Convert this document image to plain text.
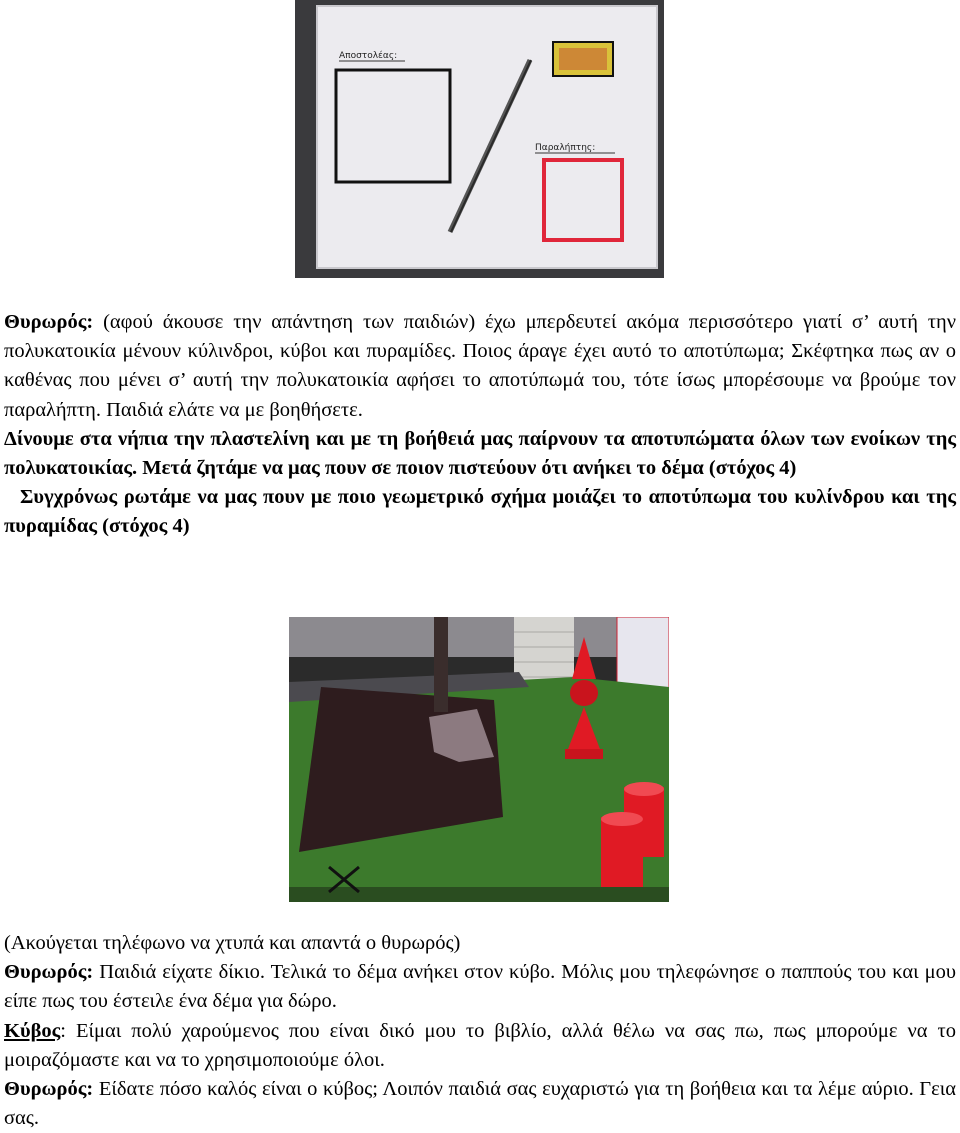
Αποστολέας:
Παραλήπτης:

Θυρωρός: (αφού άκουσε την απάντηση των παιδιών) έχω μπερδευτεί ακόμα περισσότερο γιατί σ’ αυτή την πολυκατοικία μένουν κύλινδροι, κύβοι και πυραμίδες. Ποιος άραγε έχει αυτό το αποτύπωμα; Σκέφτηκα πως αν ο καθένας που μένει σ’ αυτή την πολυκατοικία αφήσει το αποτύπωμά του, τότε ίσως μπορέσουμε να βρούμε τον παραλήπτη. Παιδιά ελάτε να με βοηθήσετε.

Δίνουμε στα νήπια την πλαστελίνη και με τη βοήθειά μας παίρνουν τα αποτυπώματα όλων των ενοίκων της πολυκατοικίας. Μετά ζητάμε να μας πουν σε ποιον πιστεύουν ότι ανήκει το δέμα (στόχος 4)

Συγχρόνως ρωτάμε να μας πουν με ποιο γεωμετρικό σχήμα μοιάζει το αποτύπωμα του κυλίνδρου και της πυραμίδας (στόχος 4)

(Ακούγεται τηλέφωνο να χτυπά και απαντά ο θυρωρός)

Θυρωρός: Παιδιά είχατε δίκιο. Τελικά το δέμα ανήκει στον κύβο. Μόλις μου τηλεφώνησε ο παππούς του και μου είπε πως του έστειλε ένα δέμα για δώρο.

Κύβος: Είμαι πολύ χαρούμενος που είναι δικό μου το βιβλίο, αλλά θέλω να σας πω, πως μπορούμε να το μοιραζόμαστε και να το χρησιμοποιούμε όλοι.

Θυρωρός: Είδατε πόσο καλός είναι ο κύβος; Λοιπόν παιδιά σας ευχαριστώ για τη βοήθεια και τα λέμε αύριο. Γεια σας.
